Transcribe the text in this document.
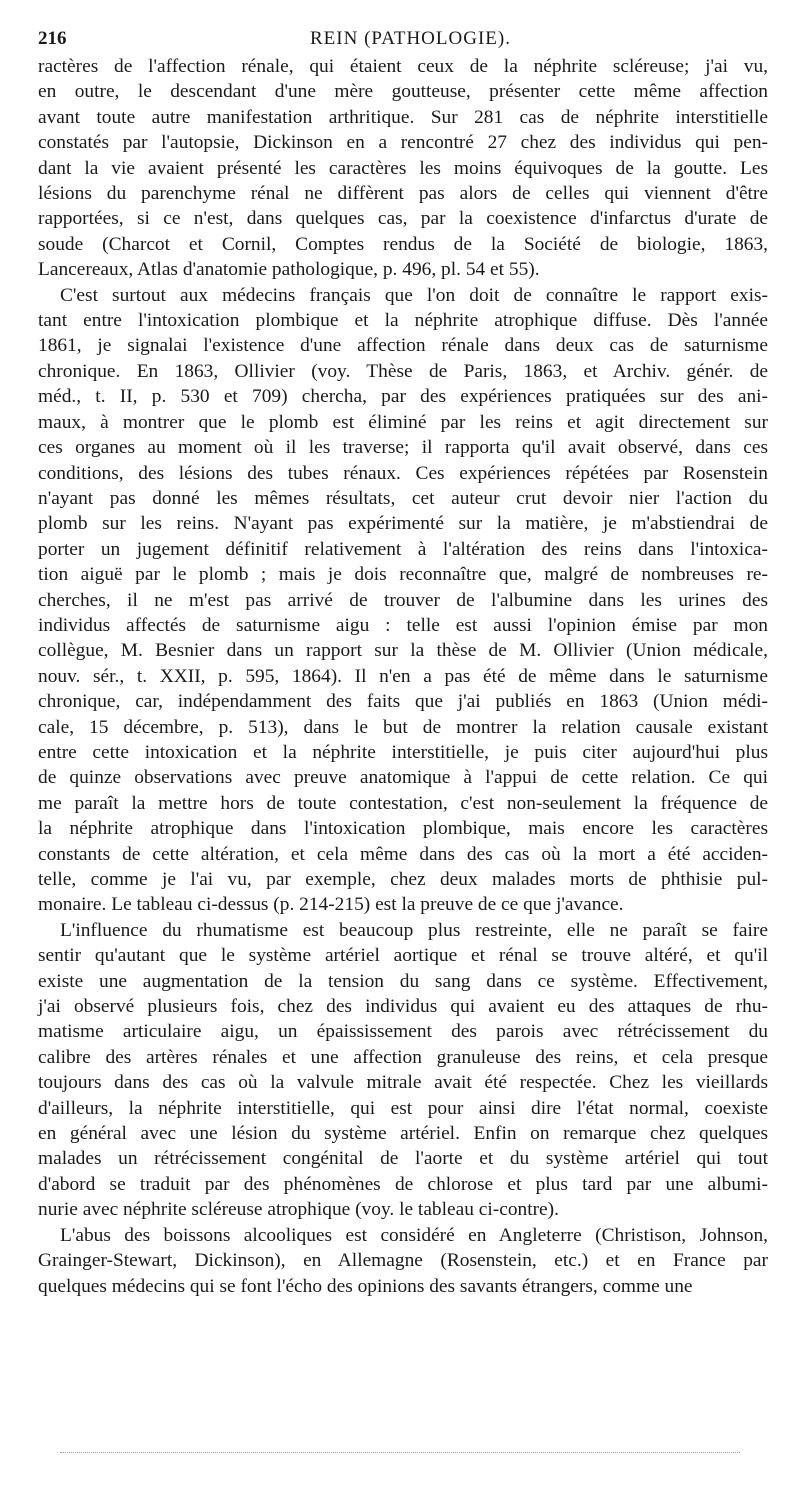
216	REIN (PATHOLOGIE).

ractères de l'affection rénale, qui étaient ceux de la néphrite scléreuse; j'ai vu,
en outre, le descendant d'une mère goutteuse, présenter cette même affection
avant toute autre manifestation arthritique. Sur 281 cas de néphrite interstitielle
constatés par l'autopsie, Dickinson en a rencontré 27 chez des individus qui pen-
dant la vie avaient présenté les caractères les moins équivoques de la goutte. Les
lésions du parenchyme rénal ne diffèrent pas alors de celles qui viennent d'être
rapportées, si ce n'est, dans quelques cas, par la coexistence d'infarctus d'urate de
soude (Charcot et Cornil, Comptes rendus de la Société de biologie, 1863,
Lancereaux, Atlas d'anatomie pathologique, p. 496, pl. 54 et 55).

C'est surtout aux médecins français que l'on doit de connaître le rapport exis-
tant entre l'intoxication plombique et la néphrite atrophique diffuse. Dès l'année
1861, je signalai l'existence d'une affection rénale dans deux cas de saturnisme
chronique. En 1863, Ollivier (voy. Thèse de Paris, 1863, et Archiv. génér. de
méd., t. II, p. 530 et 709) chercha, par des expériences pratiquées sur des ani-
maux, à montrer que le plomb est éliminé par les reins et agit directement sur
ces organes au moment où il les traverse; il rapporta qu'il avait observé, dans ces
conditions, des lésions des tubes rénaux. Ces expériences répétées par Rosenstein
n'ayant pas donné les mêmes résultats, cet auteur crut devoir nier l'action du
plomb sur les reins. N'ayant pas expérimenté sur la matière, je m'abstiendrai de
porter un jugement définitif relativement à l'altération des reins dans l'intoxica-
tion aiguë par le plomb ; mais je dois reconnaître que, malgré de nombreuses re-
cherches, il ne m'est pas arrivé de trouver de l'albumine dans les urines des
individus affectés de saturnisme aigu : telle est aussi l'opinion émise par mon
collègue, M. Besnier dans un rapport sur la thèse de M. Ollivier (Union médicale,
nouv. sér., t. XXII, p. 595, 1864). Il n'en a pas été de même dans le saturnisme
chronique, car, indépendamment des faits que j'ai publiés en 1863 (Union médi-
cale, 15 décembre, p. 513), dans le but de montrer la relation causale existant
entre cette intoxication et la néphrite interstitielle, je puis citer aujourd'hui plus
de quinze observations avec preuve anatomique à l'appui de cette relation. Ce qui
me paraît la mettre hors de toute contestation, c'est non-seulement la fréquence de
la néphrite atrophique dans l'intoxication plombique, mais encore les caractères
constants de cette altération, et cela même dans des cas où la mort a été acciden-
telle, comme je l'ai vu, par exemple, chez deux malades morts de phthisie pul-
monaire. Le tableau ci-dessus (p. 214-215) est la preuve de ce que j'avance.

L'influence du rhumatisme est beaucoup plus restreinte, elle ne paraît se faire
sentir qu'autant que le système artériel aortique et rénal se trouve altéré, et qu'il
existe une augmentation de la tension du sang dans ce système. Effectivement,
j'ai observé plusieurs fois, chez des individus qui avaient eu des attaques de rhu-
matisme articulaire aigu, un épaississement des parois avec rétrécissement du
calibre des artères rénales et une affection granuleuse des reins, et cela presque
toujours dans des cas où la valvule mitrale avait été respectée. Chez les vieillards
d'ailleurs, la néphrite interstitielle, qui est pour ainsi dire l'état normal, coexiste
en général avec une lésion du système artériel. Enfin on remarque chez quelques
malades un rétrécissement congénital de l'aorte et du système artériel qui tout
d'abord se traduit par des phénomènes de chlorose et plus tard par une albumi-
nurie avec néphrite scléreuse atrophique (voy. le tableau ci-contre).

L'abus des boissons alcooliques est considéré en Angleterre (Christison, Johnson,
Grainger-Stewart, Dickinson), en Allemagne (Rosenstein, etc.) et en France par
quelques médecins qui se font l'écho des opinions des savants étrangers, comme une
